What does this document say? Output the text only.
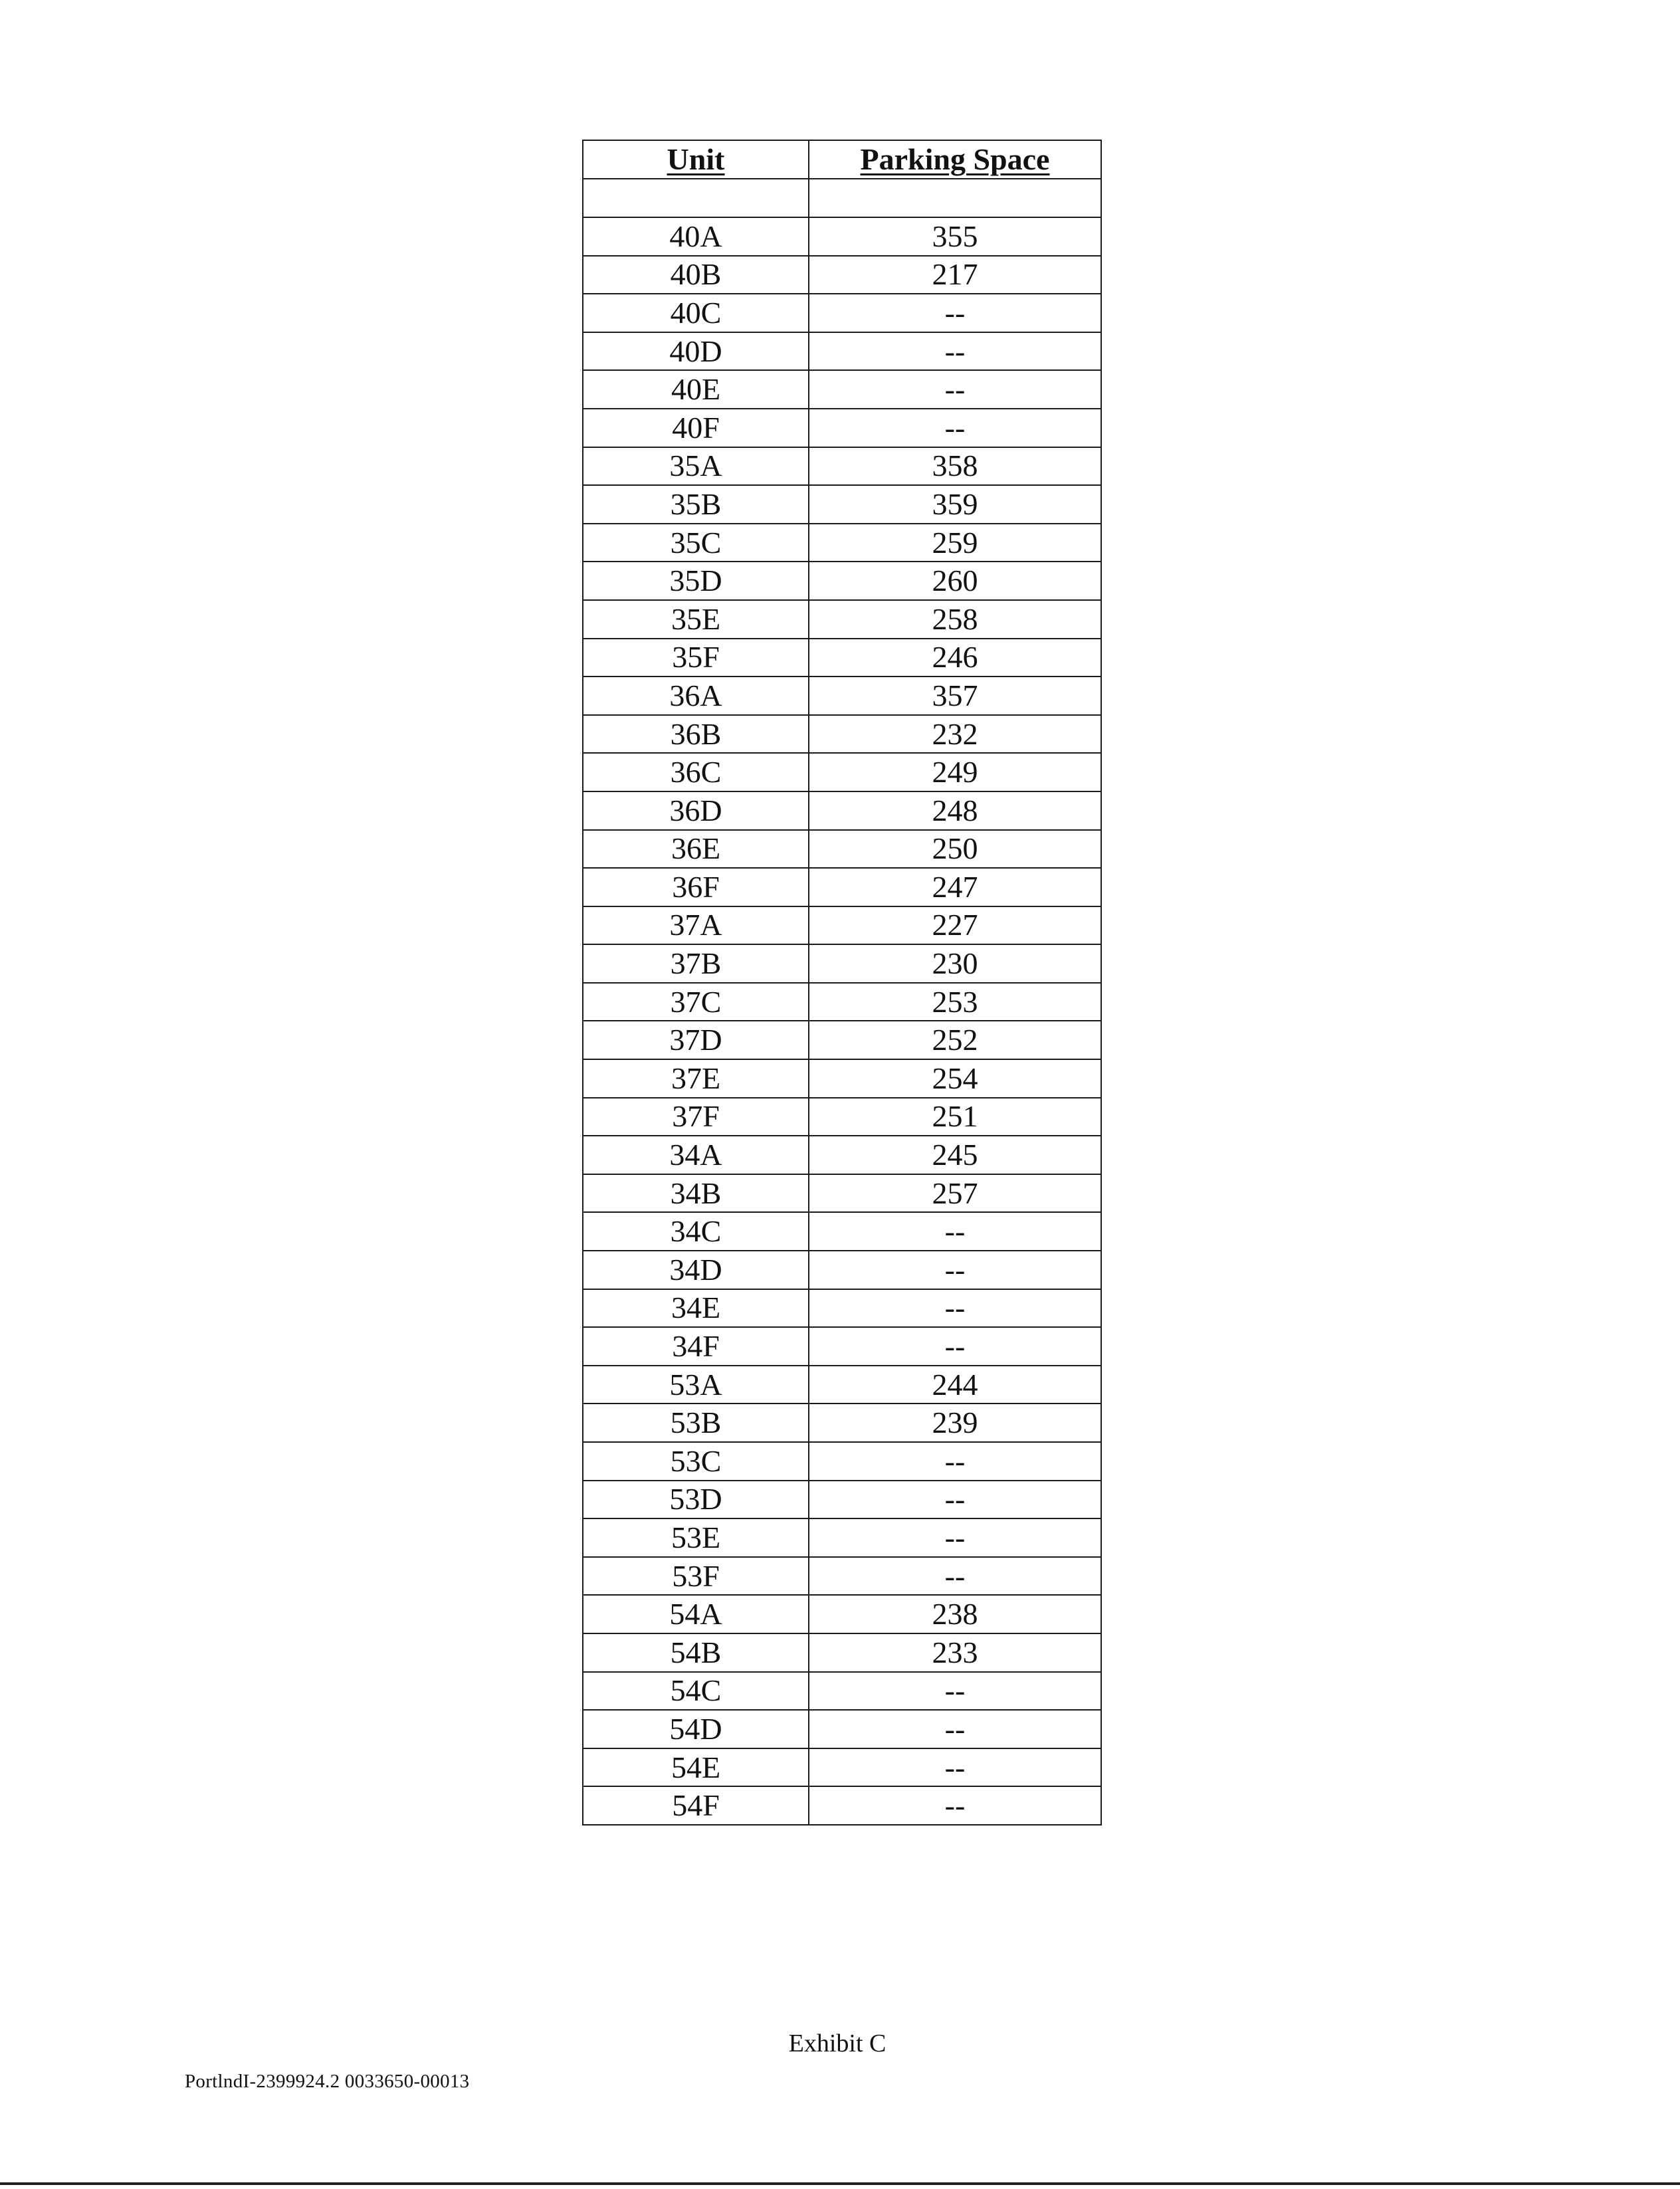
Unit	Parking Space

40A	355
40B	217
40C	--
40D	--
40E	--
40F	--
35A	358
35B	359
35C	259
35D	260
35E	258
35F	246
36A	357
36B	232
36C	249
36D	248
36E	250
36F	247
37A	227
37B	230
37C	253
37D	252
37E	254
37F	251
34A	245
34B	257
34C	--
34D	--
34E	--
34F	--
53A	244
53B	239
53C	--
53D	--
53E	--
53F	--
54A	238
54B	233
54C	--
54D	--
54E	--
54F	--
Exhibit C
PortlndI-2399924.2 0033650-00013
